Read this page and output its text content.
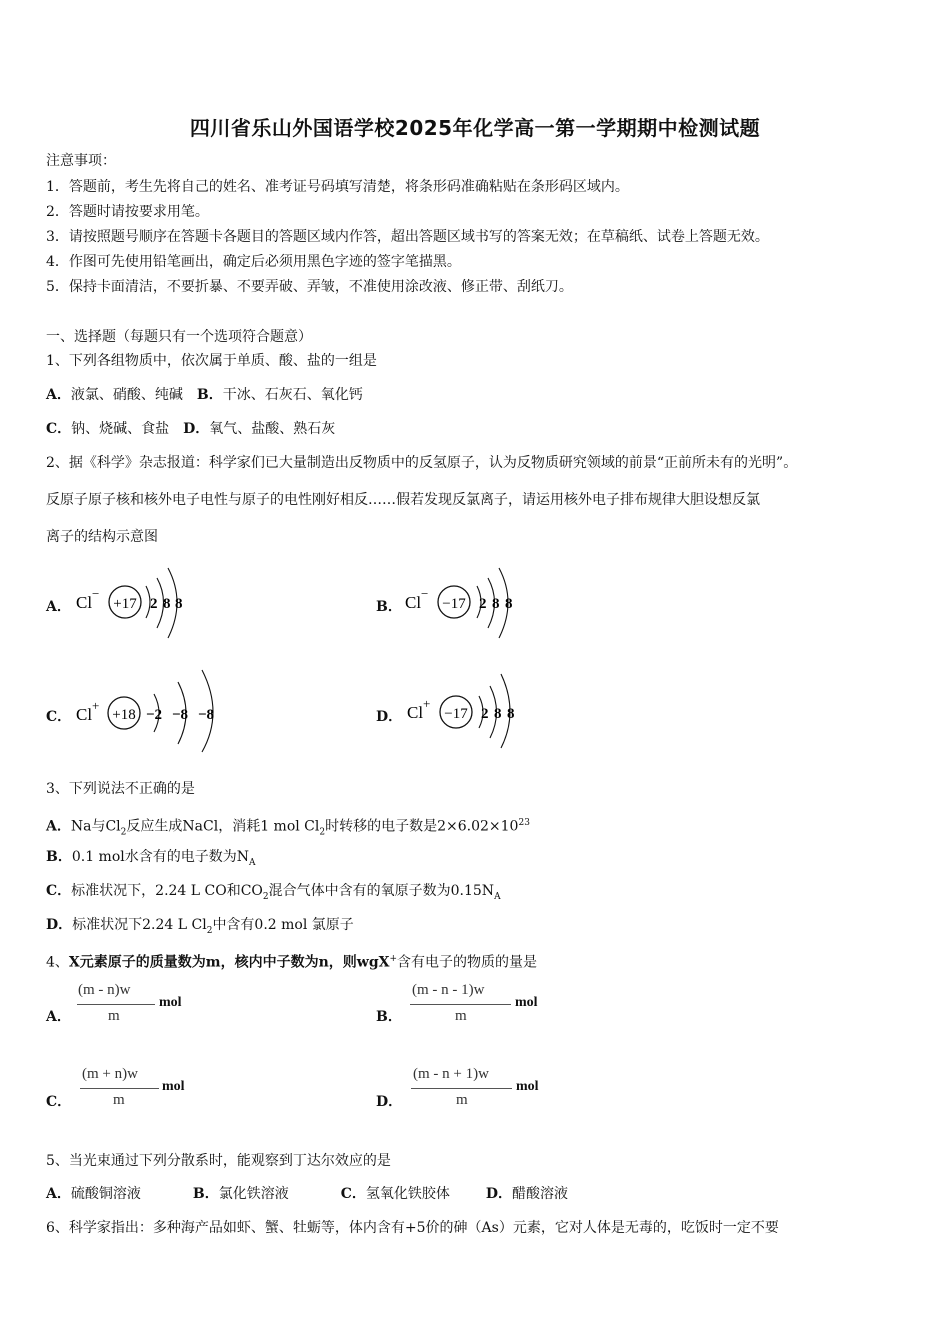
四川省乐山外国语学校2025年化学高一第一学期期中检测试题
注意事项：
1．答题前，考生先将自己的姓名、准考证号码填写清楚，将条形码准确粘贴在条形码区域内。
2．答题时请按要求用笔。
3．请按照题号顺序在答题卡各题目的答题区域内作答，超出答题区域书写的答案无效；在草稿纸、试卷上答题无效。
4．作图可先使用铅笔画出，确定后必须用黑色字迹的签字笔描黑。
5．保持卡面清洁，不要折暴、不要弄破、弄皱，不准使用涂改液、修正带、刮纸刀。
一、选择题（每题只有一个选项符合题意）
1、下列各组物质中，依次属于单质、酸、盐的一组是
A．液氯、硝酸、纯碱 B．干冰、石灰石、氧化钙
C．钠、烧碱、食盐 D．氧气、盐酸、熟石灰
2、据《科学》杂志报道：科学家们已大量制造出反物质中的反氢原子，认为反物质研究领域的前景“正前所未有的光明”。
反原子原子核和核外电子电性与原子的电性刚好相反……假若发现反氯离子，请运用核外电子排布规律大胆设想反氯
离子的结构示意图
A． Cl −
+17 2 8 8	B． Cl −
−17 2 8 8
C． Cl +
+18 −2 −8 −8	D． Cl +
−17 2 8 8
3、下列说法不正确的是
A．Na与$Cl_2$反应生成NaCl，消耗1 mol $Cl_2$时转移的电子数是$2\times 6.02\times 10^{23}$
B．0.1 mol水含有的电子数为$N_A$
C．标准状况下，2.24 L CO和$CO_2$混合气体中含有的氧原子数为$0.15N_A$
D．标准状况下2.24 L $Cl_2$中含有0.2 mol 氯原子
4、X元素原子的质量数为m，核内中子数为n，则wgX+含有电子的物质的量是
A．
(m - n)w
m
mol
B．
(m - n - 1)w
m
mol
C．
(m + n)w
m
mol
D．
(m - n + 1)w
m
mol
5、当光束通过下列分散系时，能观察到丁达尔效应的是
A．硫酸铜溶液	B．氯化铁溶液	C．氢氧化铁胶体	D．醋酸溶液
6、科学家指出：多种海产品如虾、蟹、牡蛎等，体内含有+5价的砷（As）元素，它对人体是无毒的，吃饭时一定不要
